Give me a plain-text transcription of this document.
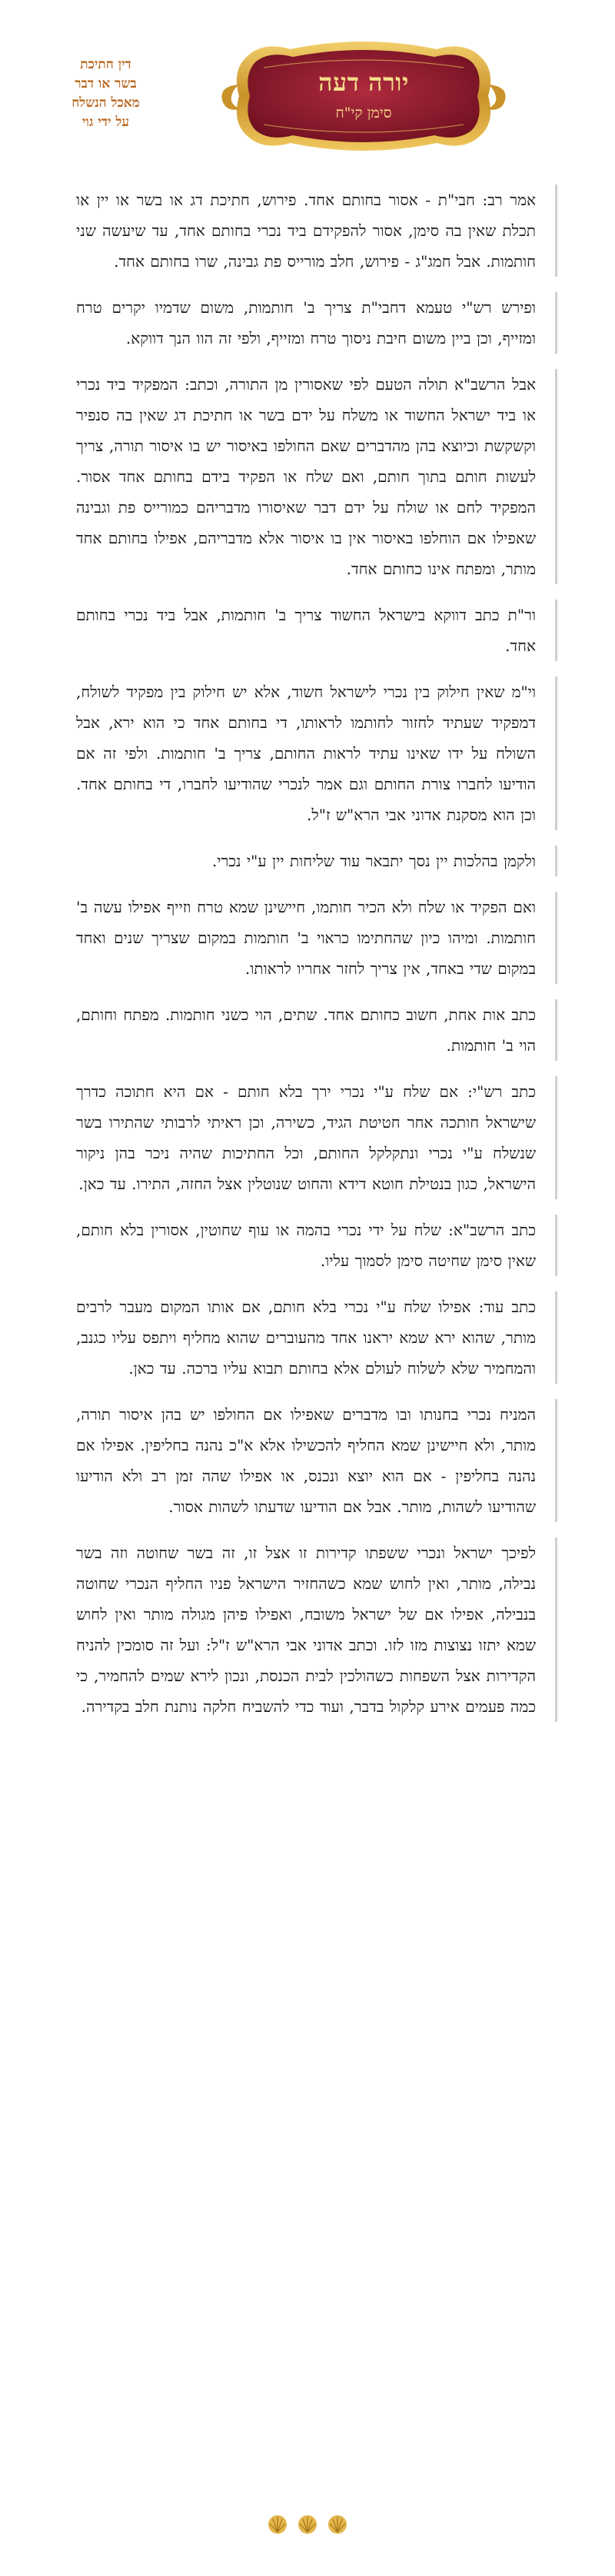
דין חתיכת
בשר או דבר
מאכל הנשלח
על ידי גוי
יורה דעה
סימן קי"ח

אמר רב: חבי"ת - אסור בחותם אחד. פירוש, חתיכת דג או בשר או יין או תכלת שאין בה סימן, אסור להפקידם ביד נכרי בחותם אחד, עד שיעשה שני חותמות. אבל חמג"ג - פירוש, חלב מורייס פת גבינה, שרו בחותם אחד.

ופירש רש"י טעמא דחבי"ת צריך ב' חותמות, משום שדמיו יקרים טרח ומזייף, וכן ביין משום חיבת ניסוך טרח ומזייף, ולפי זה הוו הנך דווקא.

אבל הרשב"א תולה הטעם לפי שאסורין מן התורה, וכתב: המפקיד ביד נכרי או ביד ישראל החשוד או משלח על ידם בשר או חתיכת דג שאין בה סנפיר וקשקשת וכיוצא בהן מהדברים שאם החולפו באיסור יש בו איסור תורה, צריך לעשות חותם בתוך חותם, ואם שלח או הפקיד בידם בחותם אחד אסור. המפקיד לחם או שולח על ידם דבר שאיסורו מדבריהם כמורייס פת וגבינה שאפילו אם הוחלפו באיסור אין בו איסור אלא מדבריהם, אפילו בחותם אחד מותר, ומפתח אינו כחותם אחד.

ור"ת כתב דווקא בישראל החשוד צריך ב' חותמות, אבל ביד נכרי בחותם אחד.

וי"מ שאין חילוק בין נכרי לישראל חשוד, אלא יש חילוק בין מפקיד לשולח, דמפקיד שעתיד לחזור לחותמו לראותו, די בחותם אחד כי הוא ירא, אבל השולח על ידו שאינו עתיד לראות החותם, צריך ב' חותמות. ולפי זה אם הודיעו לחברו צורת החותם וגם אמר לנכרי שהודיעו לחברו, די בחותם אחד. וכן הוא מסקנת אדוני אבי הרא"ש ז"ל.

ולקמן בהלכות יין נסך יתבאר עוד שליחות יין ע"י נכרי.

ואם הפקיד או שלח ולא הכיר חותמו, חיישינן שמא טרח וזייף אפילו עשה ב' חותמות. ומיהו כיון שהחתימו כראוי ב' חותמות במקום שצריך שנים ואחד במקום שדי באחד, אין צריך לחזר אחריו לראותו.

כתב אות אחת, חשוב כחותם אחד. שתים, הוי כשני חותמות. מפתח וחותם, הוי ב' חותמות.

כתב רש"י: אם שלח ע"י נכרי ירך בלא חותם - אם היא חתוכה כדרך שישראל חותכה אחר חטיטת הגיד, כשירה, וכן ראיתי לרבותי שהתירו בשר שנשלח ע"י נכרי ונתקלקל החותם, וכל החתיכות שהיה ניכר בהן ניקור הישראל, כגון בנטילת חוטא דידא והחוט שנוטלין אצל החזה, התירו. עד כאן.

כתב הרשב"א: שלח על ידי נכרי בהמה או עוף שחוטין, אסורין בלא חותם, שאין סימן שחיטה סימן לסמוך עליו.

כתב עוד: אפילו שלח ע"י נכרי בלא חותם, אם אותו המקום מעבר לרבים מותר, שהוא ירא שמא יראנו אחד מהעוברים שהוא מחליף ויתפס עליו כגנב, והמחמיר שלא לשלוח לעולם אלא בחותם תבוא עליו ברכה. עד כאן.

המניח נכרי בחנותו ובו מדברים שאפילו אם החולפו יש בהן איסור תורה, מותר, ולא חיישינן שמא החליף להכשילו אלא א"כ נהנה בחליפין. אפילו אם נהנה בחליפין - אם הוא יוצא ונכנס, או אפילו שהה זמן רב ולא הודיעו שהודיעו לשהות, מותר. אבל אם הודיעו שדעתו לשהות אסור.

לפיכך ישראל ונכרי ששפתו קדירות זו אצל זו, זה בשר שחוטה וזה בשר נבילה, מותר, ואין לחוש שמא כשהחזיר הישראל פניו החליף הנכרי שחוטה בנבילה, אפילו אם של ישראל משובח, ואפילו פיהן מגולה מותר ואין לחוש שמא יתזו נצוצות מזו לזו. וכתב אדוני אבי הרא"ש ז"ל: ועל זה סומכין להניח הקדירות אצל השפחות כשהולכין לבית הכנסת, ונכון לירא שמים להחמיר, כי כמה פעמים אירע קלקול בדבר, ועוד כדי להשביח חלקה נותנת חלב בקדירה.
